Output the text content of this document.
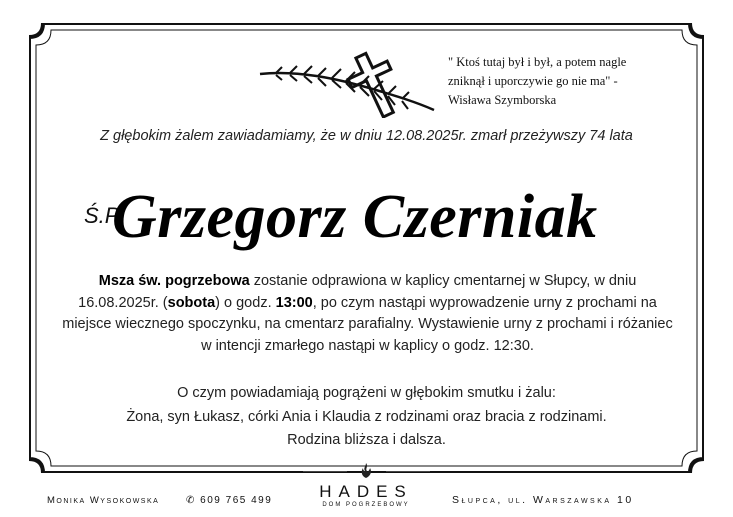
" Ktoś tutaj był i był, a potem nagle
zniknął i uporczywie go nie ma" -
Wisława Szymborska
Z głębokim żalem zawiadamiamy, że w dniu 12.08.2025r. zmarł przeżywszy 74 lata
Ś.P.
Grzegorz Czerniak
Msza św. pogrzebowa zostanie odprawiona w kaplicy cmentarnej w Słupcy, w dniu 16.08.2025r. (sobota) o godz. 13:00, po czym nastąpi wyprowadzenie urny z prochami na miejsce wiecznego spoczynku, na cmentarz parafialny. Wystawienie urny z prochami i różaniec w intencji zmarłego nastąpi w kaplicy o godz. 12:30.
O czym powiadamiają pogrążeni w głębokim smutku i żalu:
Żona, syn Łukasz, córki Ania i Klaudia z rodzinami oraz bracia z rodzinami.
Rodzina bliższa i dalsza.
Monika Wysokowska	✆ 609 765 499	HADES
DOM POGRZEBOWY	Słupca, ul. Warszawska 10
